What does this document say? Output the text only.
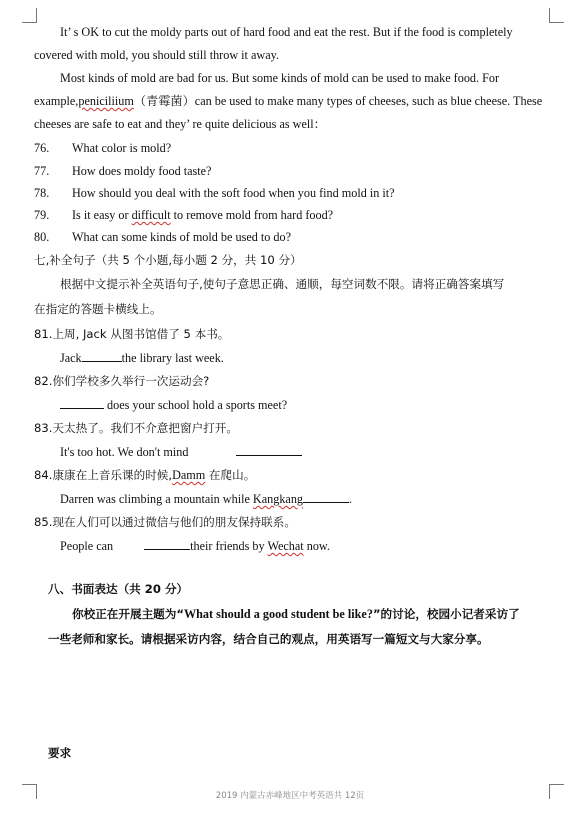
It’ s OK to cut the moldy parts out of hard food and eat the rest. But if the food is completely
covered with mold, you should still throw it away.
Most kinds of mold are bad for us. But some kinds of mold can be used to make food. For
example,peniciliium（青霉菌）can be used to make many types of cheeses, such as blue cheese. These
cheeses are safe to eat and they’ re quite delicious as well：
76. What color is mold?
77. How does moldy food taste?
78. How should you deal with the soft food when you find mold in it?
79. Is it easy or difficult to remove mold from hard food?
80. What can some kinds of mold be used to do?
七,补全句子（共 5 个小题,每小题 2 分，共 10 分）
根据中文提示补全英语句子,使句子意思正确、通顺，每空词数不限。请将正确答案填写
在指定的答题卡横线上。
81.上周, Jack 从图书馆借了 5 本书。
Jack	the library last week.
82.你们学校多久举行一次运动会?
does your school hold a sports meet?
83.天太热了。我们不介意把窗户打开。
It's too hot. We don't mind
84.康康在上音乐课的时候,Damm 在爬山。
Darren was climbing a mountain while Kangkang	.
85.现在人们可以通过微信与他们的朋友保持联系。
People can	their friends by Wechat now.
八、书面表达（共 20 分）
你校正在开展主题为“What should a good student be like?”的讨论，校园小记者采访了
一些老师和家长。请根据采访内容，结合自己的观点，用英语写一篇短文与大家分享。
要求
2019 内蒙古赤峰地区中考英语共 12页
